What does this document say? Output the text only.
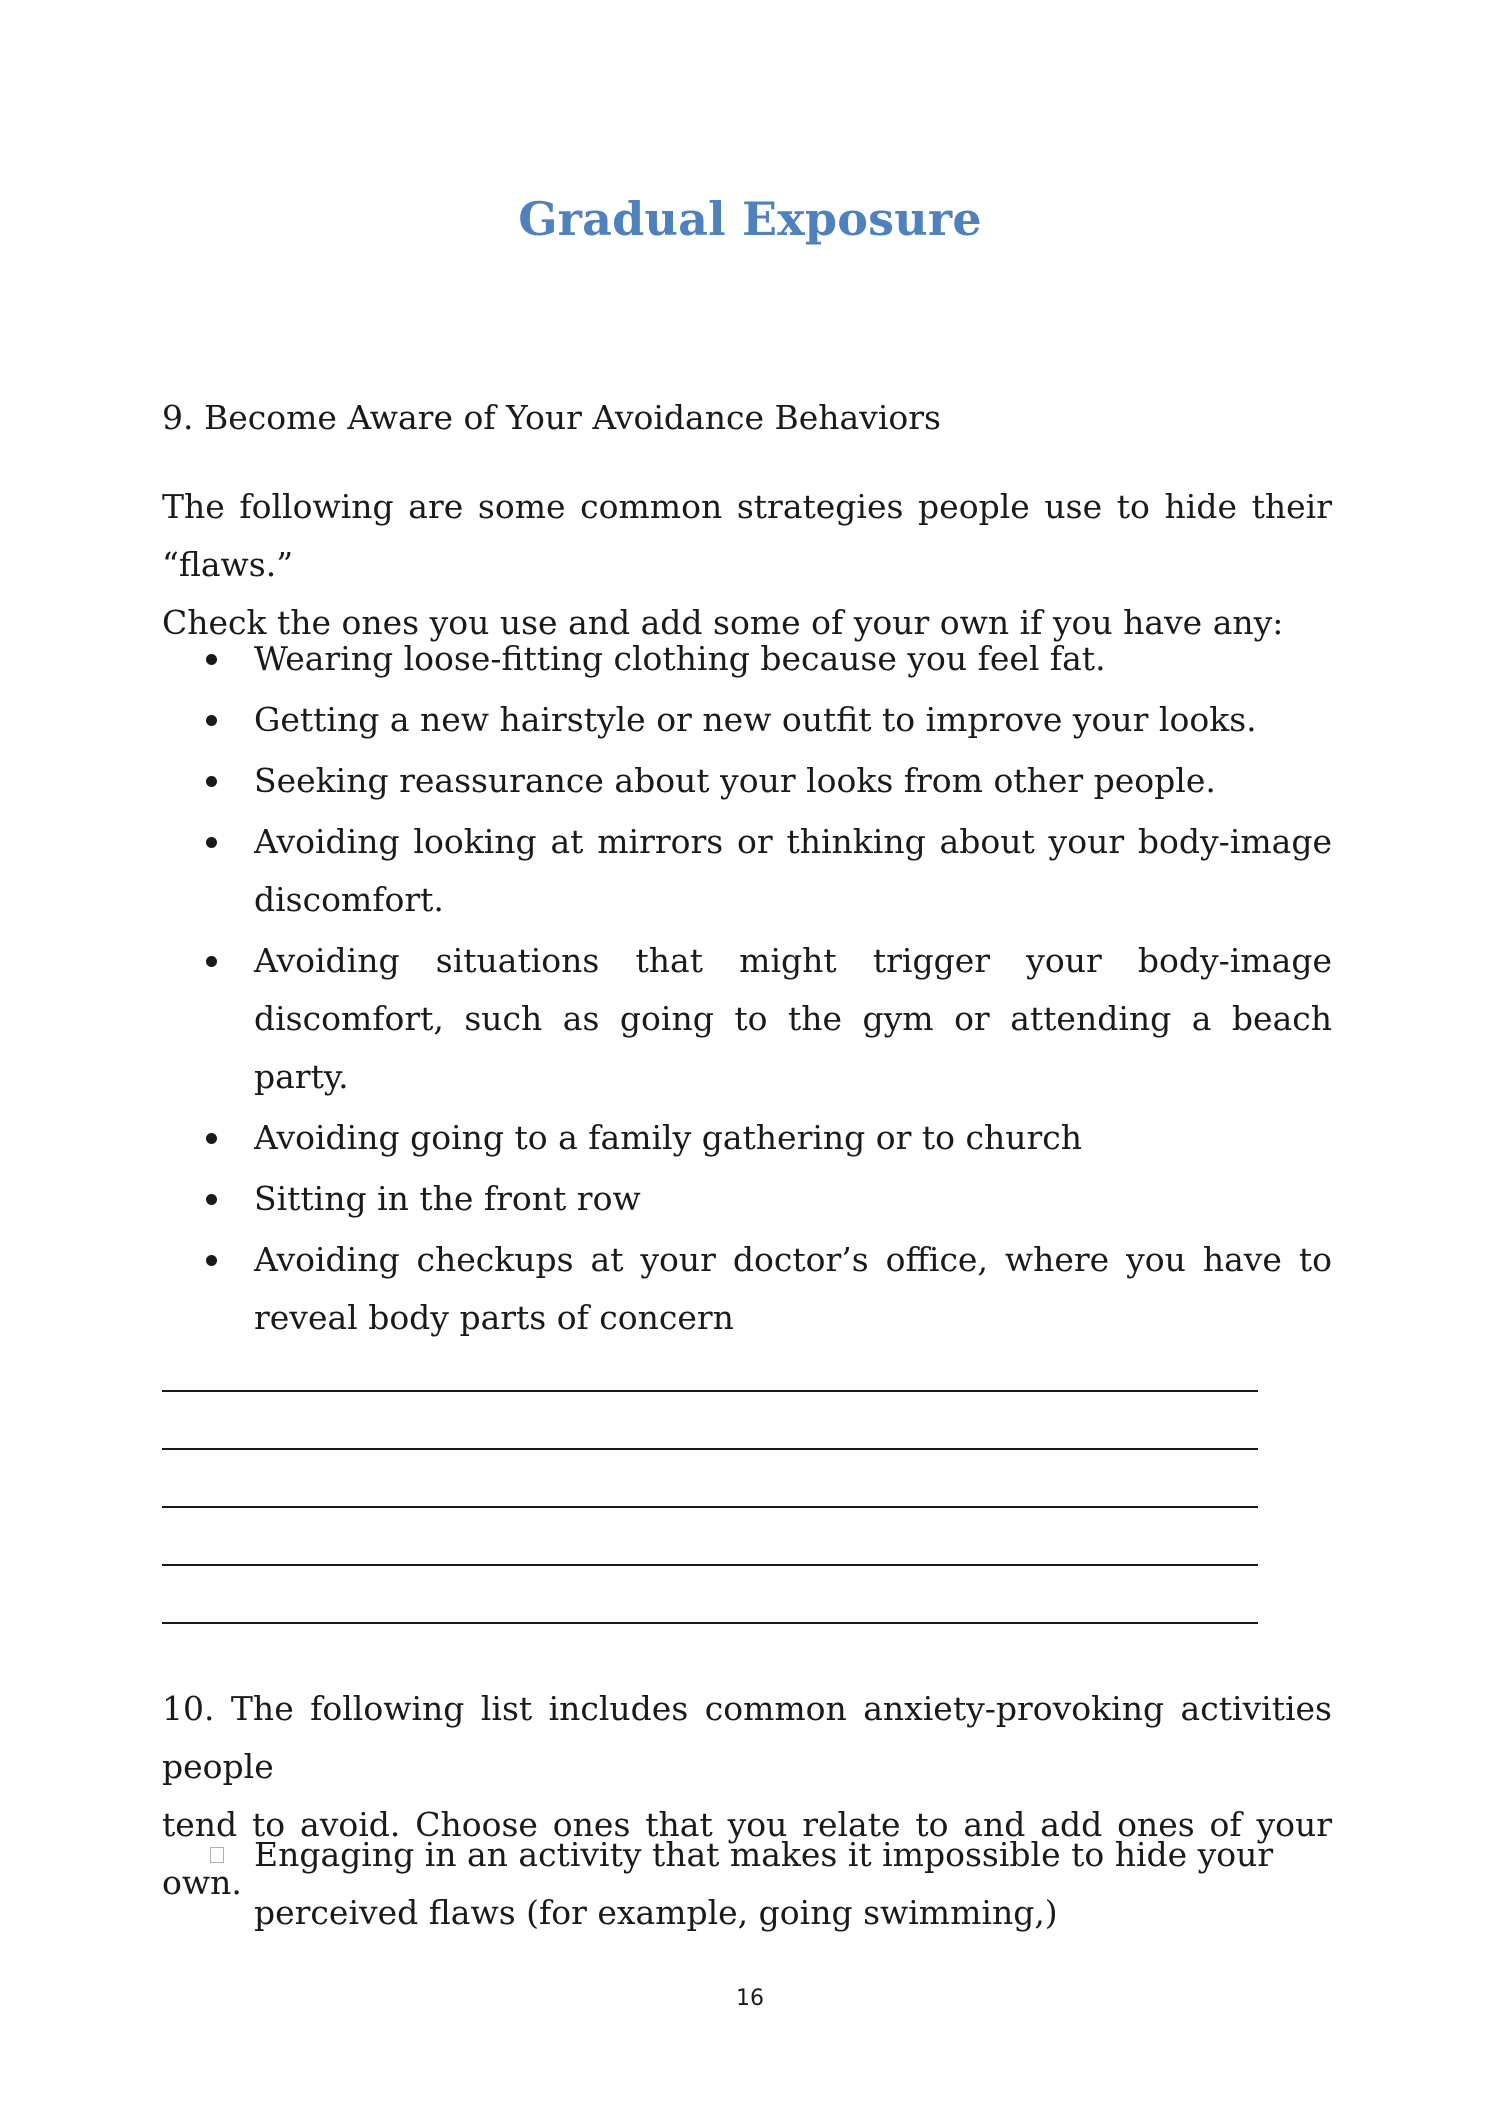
Gradual Exposure
9. Become Aware of Your Avoidance Behaviors

The following are some common strategies people use to hide their “flaws.”

Check the ones you use and add some of your own if you have any:

Wearing loose-fitting clothing because you feel fat.
Getting a new hairstyle or new outfit to improve your looks.
Seeking reassurance about your looks from other people.
Avoiding looking at mirrors or thinking about your body-image discomfort.
Avoiding situations that might trigger your body-image discomfort, such as going to the gym or attending a beach party.
Avoiding going to a family gathering or to church
Sitting in the front row
Avoiding checkups at your doctor’s office, where you have to reveal body parts of concern

10. The following list includes common anxiety-provoking activities people

tend to avoid. Choose ones that you relate to and add ones of your own.

Engaging in an activity that makes it impossible to hide your perceived flaws (for example, going swimming,)
16
